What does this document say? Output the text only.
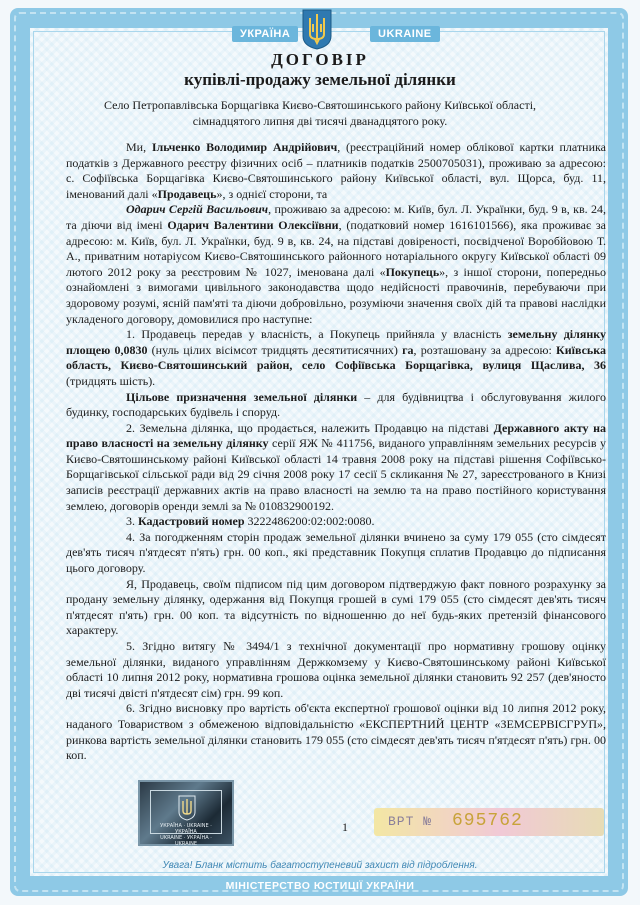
УКРАЇНА	UKRAINE
ДОГОВІР
купівлі-продажу земельної ділянки
Село Петропавлівська Борщагівка Києво-Святошинського району Київської області,
сімнадцятого липня дві тисячі дванадцятого року.

Ми, Ільченко Володимир Андрійович, (реєстраційний номер облікової картки платника податків з Державного реєстру фізичних осіб – платників податків 2500705031), проживаю за адресою: с. Софіївська Борщагівка Києво-Святошинського району Київської області, вул. Щорса, буд. 11, іменований далі «Продавець», з однієї сторони, та

Одарич Сергій Васильович, проживаю за адресою: м. Київ, бул. Л. Українки, буд. 9 в, кв. 24, та діючи від імені Одарич Валентини Олексіївни, (податковий номер 1616101566), яка проживає за адресою: м. Київ, бул. Л. Українки, буд. 9 в, кв. 24, на підставі довіреності, посвідченої Воробйовою Т. А., приватним нотаріусом Києво-Святошинського районного нотаріального округу Київської області 09 лютого 2012 року за реєстровим № 1027, іменована далі «Покупець», з іншої сторони, попередньо ознайомлені з вимогами цивільного законодавства щодо недійсності правочинів, перебуваючи при здоровому розумі, ясній пам'яті та діючи добровільно, розуміючи значення своїх дій та правові наслідки укладеного договору, домовилися про наступне:

1. Продавець передав у власність, а Покупець прийняла у власність земельну ділянку площею 0,0830 (нуль цілих вісімсот тридцять десятитисячних) га, розташовану за адресою: Київська область, Києво-Святошинський район, село Софіївська Борщагівка, вулиця Щаслива, 36 (тридцять шість).

Цільове призначення земельної ділянки – для будівництва і обслуговування жилого будинку, господарських будівель і споруд.

2. Земельна ділянка, що продається, належить Продавцю на підставі Державного акту на право власності на земельну ділянку серії ЯЖ № 411756, виданого управлінням земельних ресурсів у Києво-Святошинському районі Київської області 14 травня 2008 року на підставі рішення Софіївсько-Борщагівської сільської ради від 29 січня 2008 року 17 сесії 5 скликання № 27, зареєстрованого в Книзі записів реєстрації державних актів на право власності на землю та на право постійного користування землею, договорів оренди землі за № 010832900192.

3. Кадастровий номер 3222486200:02:002:0080.

4. За погодженням сторін продаж земельної ділянки вчинено за суму 179 055 (сто сімдесят дев'ять тисяч п'ятдесят п'ять) грн. 00 коп., які представник Покупця сплатив Продавцю до підписання цього договору.

Я, Продавець, своїм підписом під цим договором підтверджую факт повного розрахунку за продану земельну ділянку, одержання від Покупця грошей в сумі 179 055 (сто сімдесят дев'ять тисяч п'ятдесят п'ять) грн. 00 коп. та відсутність по відношенню до неї будь-яких претензій фінансового характеру.

5. Згідно витягу № 3494/1 з технічної документації про нормативну грошову оцінку земельної ділянки, виданого управлінням Держкомзему у Києво-Святошинському районі Київської області 10 липня 2012 року, нормативна грошова оцінка земельної ділянки становить 92 257 (дев'яносто дві тисячі двісті п'ятдесят сім) грн. 99 коп.

6. Згідно висновку про вартість об'єкта експертної грошової оцінки від 10 липня 2012 року, наданого Товариством з обмеженою відповідальністю «ЕКСПЕРТНИЙ ЦЕНТР «ЗЕМСЕРВІСГРУП», ринкова вартість земельної ділянки становить 179 055 (сто сімдесят дев'ять тисяч п'ятдесят п'ять) грн. 00 коп.

УКРАЇНА · UKRAINE · УКРАЇНА
UKRAINE · УКРАЇНА · UKRAINE
1	ВРТ № 695762
Увага! Бланк містить багатоступеневий захист від підроблення.
МІНІСТЕРСТВО ЮСТИЦІЇ УКРАЇНИ
